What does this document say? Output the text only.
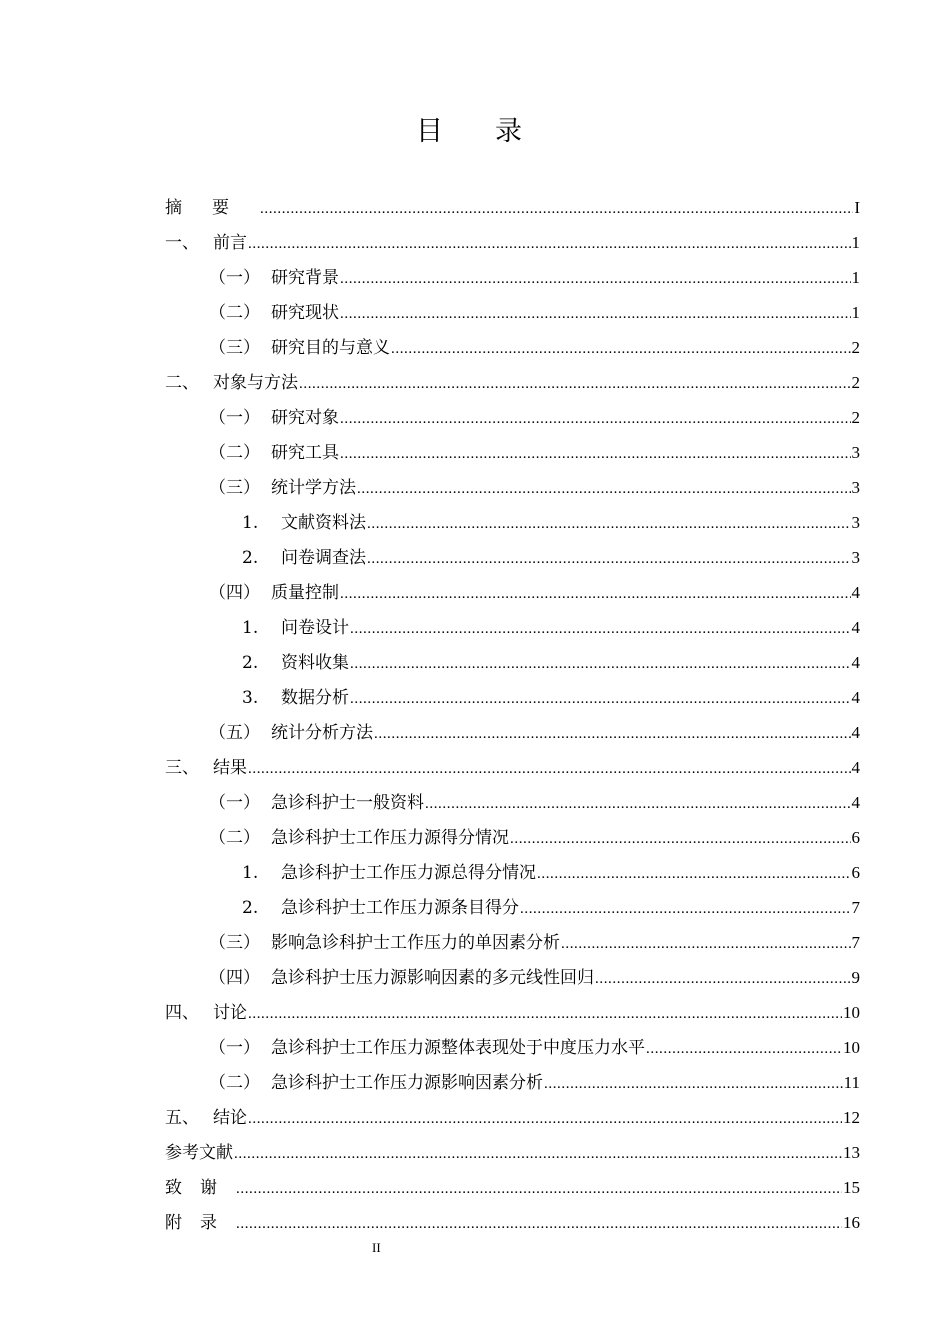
目录
摘要 .....	I
一、 前言 .....	1
（一） 研究背景 .....	1
（二） 研究现状 .....	1
（三） 研究目的与意义 .....	2
二、 对象与方法 .....	2
（一） 研究对象 .....	2
（二） 研究工具 .....	3
（三） 统计学方法 .....	3
1.	文献资料法 .....	3
2.	问卷调查法 .....	3
（四） 质量控制 .....	4
1.	问卷设计 .....	4
2.	资料收集 .....	4
3.	数据分析 .....	4
（五） 统计分析方法 .....	4
三、 结果 .....	4
（一） 急诊科护士一般资料 .....	4
（二） 急诊科护士工作压力源得分情况 .....	6
1.	急诊科护士工作压力源总得分情况 .....	6
2.	急诊科护士工作压力源条目得分 .....	7
（三） 影响急诊科护士工作压力的单因素分析 .....	7
（四） 急诊科护士压力源影响因素的多元线性回归 .....	9
四、 讨论 .....	10
（一） 急诊科护士工作压力源整体表现处于中度压力水平 .....	10
（二） 急诊科护士工作压力源影响因素分析 .....	11
五、 结论 .....	12
参考文献 .....	13
致谢 .....	15
附录 .....	16
II
